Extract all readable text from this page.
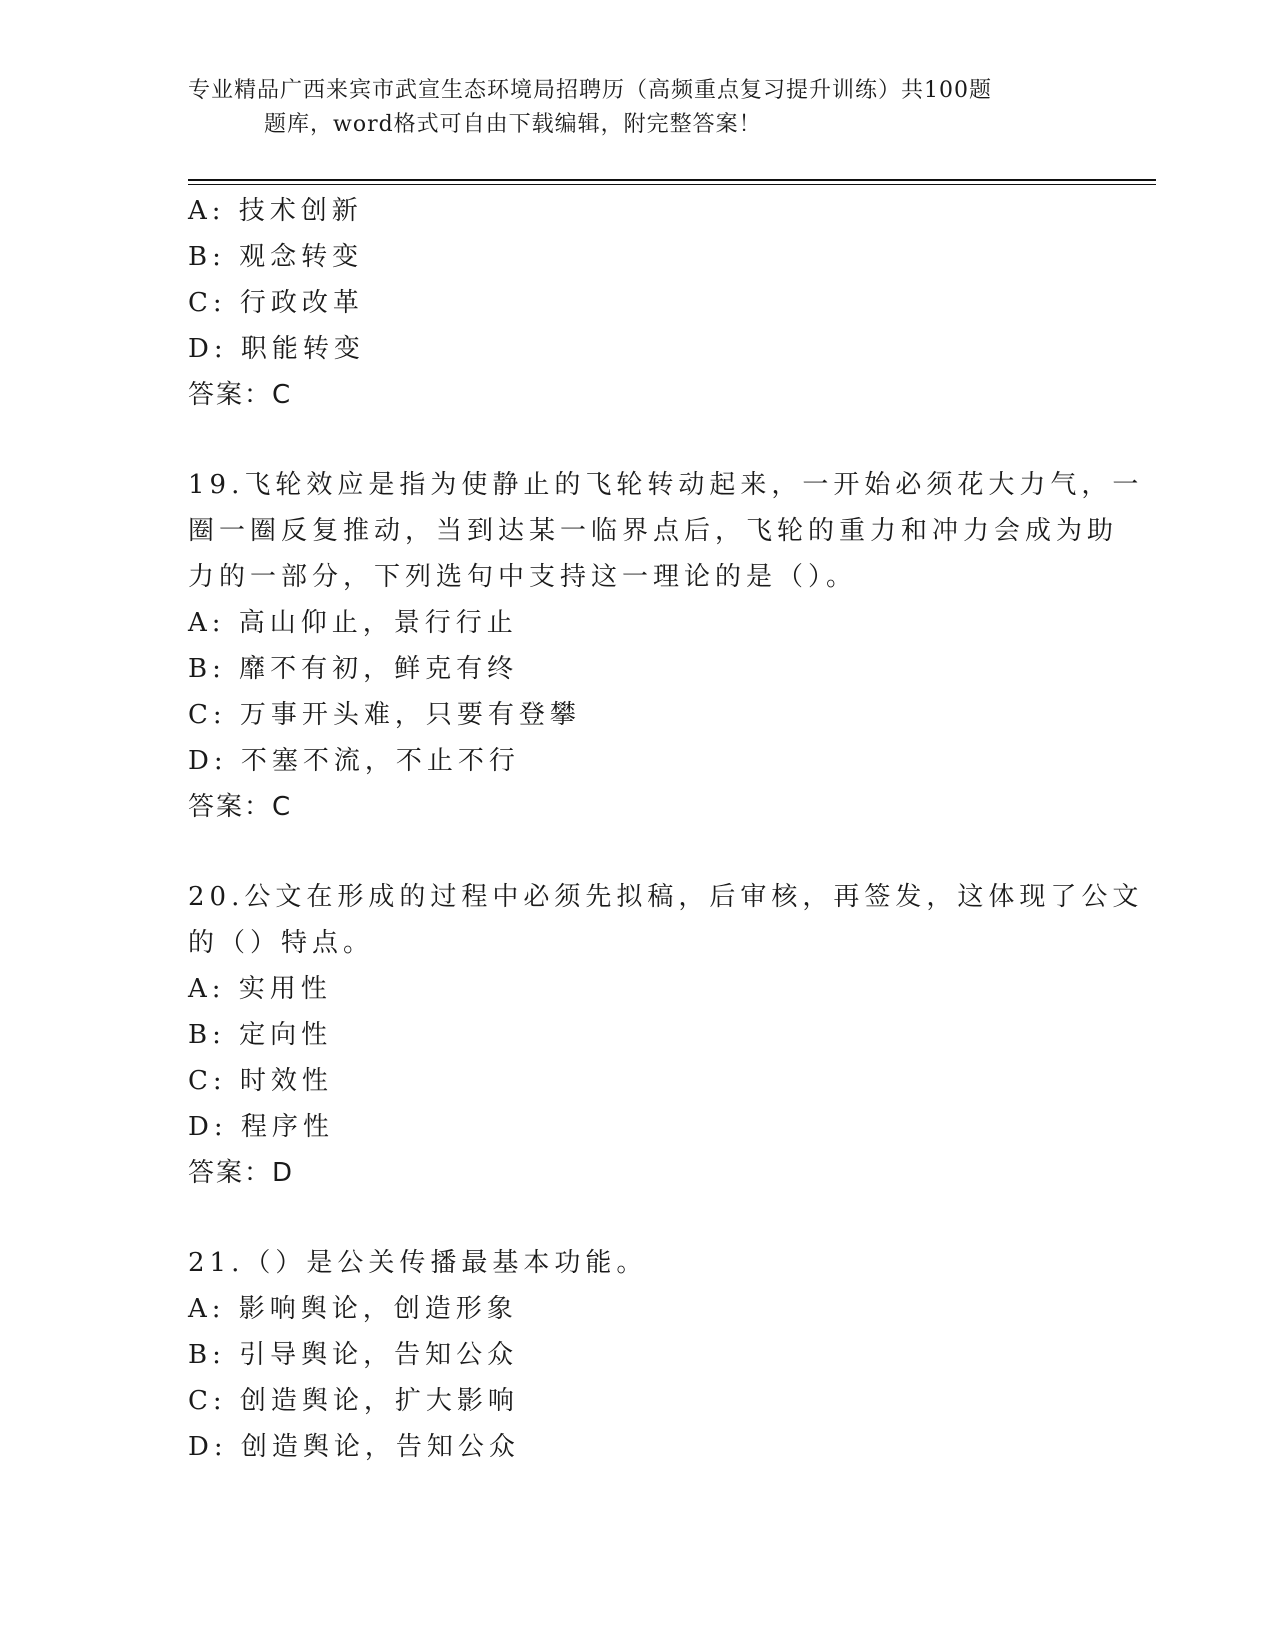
专业精品广西来宾市武宣生态环境局招聘历（高频重点复习提升训练）共100题
题库，word格式可自由下载编辑，附完整答案！
A: 技术创新
B: 观念转变
C: 行政改革
D: 职能转变
答案：C
19.飞轮效应是指为使静止的飞轮转动起来，一开始必须花大力气，一
圈一圈反复推动，当到达某一临界点后，飞轮的重力和冲力会成为助
力的一部分，下列选句中支持这一理论的是（）。
A: 高山仰止，景行行止
B: 靡不有初，鲜克有终
C: 万事开头难，只要有登攀
D: 不塞不流，不止不行
答案：C
20.公文在形成的过程中必须先拟稿，后审核，再签发，这体现了公文
的（）特点。
A: 实用性
B: 定向性
C: 时效性
D: 程序性
答案：D
21.（）是公关传播最基本功能。
A: 影响舆论，创造形象
B: 引导舆论，告知公众
C: 创造舆论，扩大影响
D: 创造舆论，告知公众
